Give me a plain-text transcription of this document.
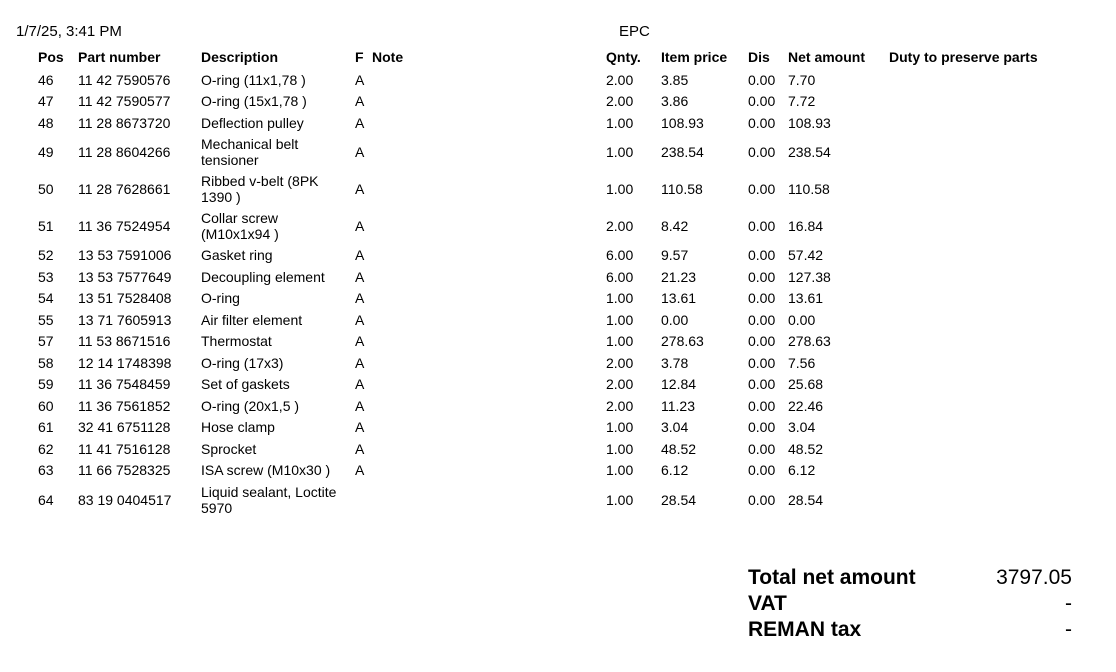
1/7/25, 3:41 PM	EPC
Pos	Part number	Description	F	Note	Qnty.	Item price	Dis	Net amount	Duty to preserve parts
46	11 42 7590576	O-ring (11x1,78 )	A		2.00	3.85	0.00	7.70	
47	11 42 7590577	O-ring (15x1,78 )	A		2.00	3.86	0.00	7.72	
48	11 28 8673720	Deflection pulley	A		1.00	108.93	0.00	108.93	
49	11 28 8604266	Mechanical belt tensioner	A		1.00	238.54	0.00	238.54	
50	11 28 7628661	Ribbed v-belt (8PK 1390 )	A		1.00	110.58	0.00	110.58	
51	11 36 7524954	Collar screw (M10x1x94 )	A		2.00	8.42	0.00	16.84	
52	13 53 7591006	Gasket ring	A		6.00	9.57	0.00	57.42	
53	13 53 7577649	Decoupling element	A		6.00	21.23	0.00	127.38	
54	13 51 7528408	O-ring	A		1.00	13.61	0.00	13.61	
55	13 71 7605913	Air filter element	A		1.00	0.00	0.00	0.00	
57	11 53 8671516	Thermostat	A		1.00	278.63	0.00	278.63	
58	12 14 1748398	O-ring (17x3)	A		2.00	3.78	0.00	7.56	
59	11 36 7548459	Set of gaskets	A		2.00	12.84	0.00	25.68	
60	11 36 7561852	O-ring (20x1,5 )	A		2.00	11.23	0.00	22.46	
61	32 41 6751128	Hose clamp	A		1.00	3.04	0.00	3.04	
62	11 41 7516128	Sprocket	A		1.00	48.52	0.00	48.52	
63	11 66 7528325	ISA screw (M10x30 )	A		1.00	6.12	0.00	6.12	
64	83 19 0404517	Liquid sealant, Loctite 5970			1.00	28.54	0.00	28.54	
Total net amount	3797.05
VAT	-
REMAN tax	-
